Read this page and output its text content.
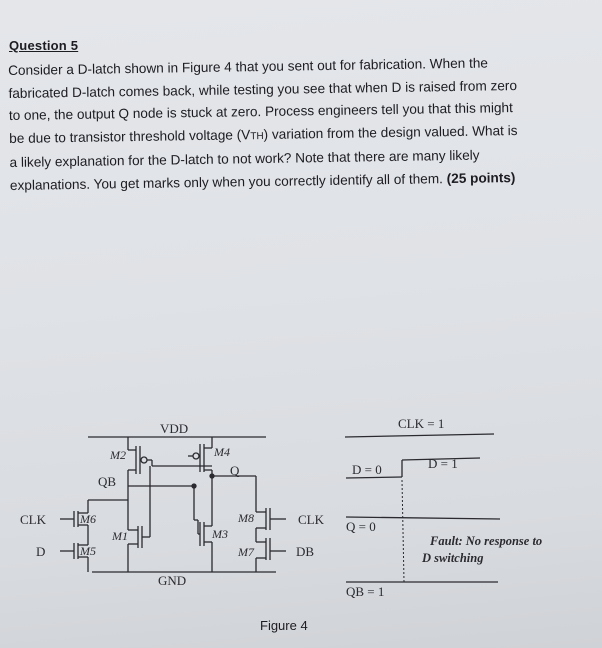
Question 5
Consider a D-latch shown in Figure 4 that you sent out for fabrication. When the
fabricated D-latch comes back, while testing you see that when D is raised from zero
to one, the output Q node is stuck at zero. Process engineers tell you that this might
be due to transistor threshold voltage (VTH) variation from the design valued. What is
a likely explanation for the D-latch to not work? Note that there are many likely
explanations. You get marks only when you correctly identify all of them. (25 points)
VDD
GND
CLK
D
QB
Q
CLK
DB
M2	M4
M6
M1	M3
M5
M8
M7
CLK = 1
D = 0	D = 1
Q = 0
QB = 1
Fault: No response to
D switching
Figure 4
